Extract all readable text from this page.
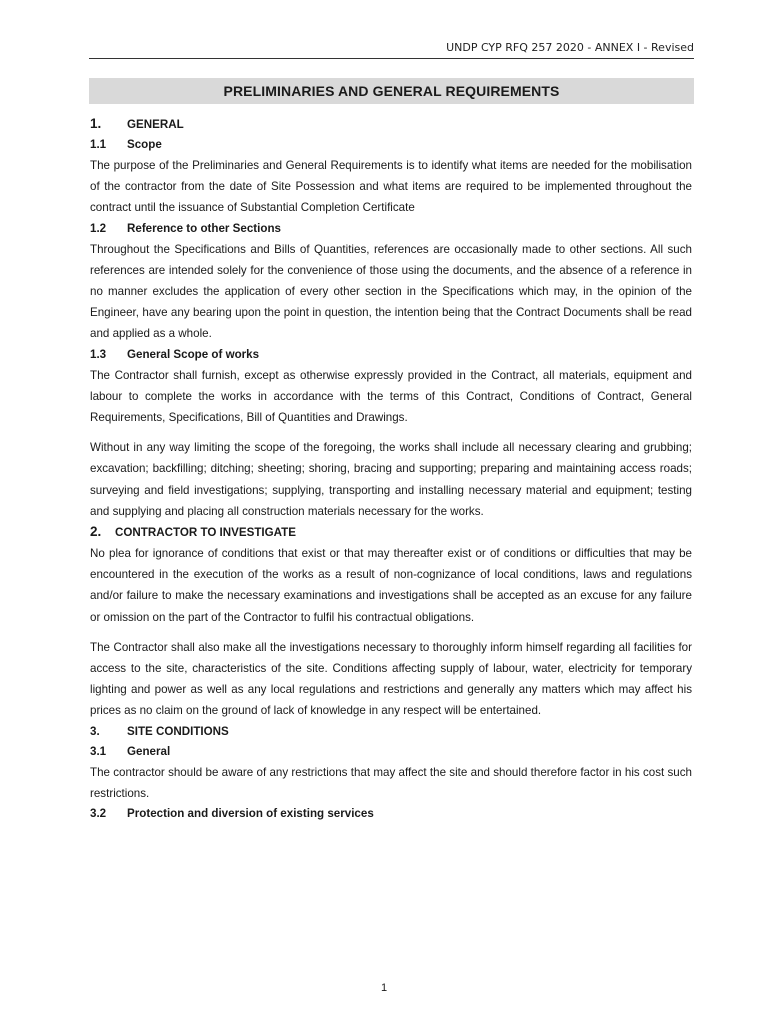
UNDP CYP RFQ 257 2020 - ANNEX I - Revised
PRELIMINARIES AND GENERAL REQUIREMENTS
1.	GENERAL
1.1	Scope

The purpose of the Preliminaries and General Requirements is to identify what items are needed for the mobilisation of the contractor from the date of Site Possession and what items are required to be implemented throughout the contract until the issuance of Substantial Completion Certificate

1.2	Reference to other Sections

Throughout the Specifications and Bills of Quantities, references are occasionally made to other sections. All such references are intended solely for the convenience of those using the documents, and the absence of a reference in no manner excludes the application of every other section in the Specifications which may, in the opinion of the Engineer, have any bearing upon the point in question, the intention being that the Contract Documents shall be read and applied as a whole.

1.3	General Scope of works

The Contractor shall furnish, except as otherwise expressly provided in the Contract, all materials, equipment and labour to complete the works in accordance with the terms of this Contract, Conditions of Contract, General Requirements, Specifications, Bill of Quantities and Drawings.

Without in any way limiting the scope of the foregoing, the works shall include all necessary clearing and grubbing; excavation; backfilling; ditching; sheeting; shoring, bracing and supporting; preparing and maintaining access roads; surveying and field investigations; supplying, transporting and installing necessary material and equipment; testing and supplying and placing all construction materials necessary for the works.

2.	CONTRACTOR TO INVESTIGATE

No plea for ignorance of conditions that exist or that may thereafter exist or of conditions or difficulties that may be encountered in the execution of the works as a result of non-cognizance of local conditions, laws and regulations and/or failure to make the necessary examinations and investigations shall be accepted as an excuse for any failure or omission on the part of the Contractor to fulfil his contractual obligations.

The Contractor shall also make all the investigations necessary to thoroughly inform himself regarding all facilities for access to the site, characteristics of the site. Conditions affecting supply of labour, water, electricity for temporary lighting and power as well as any local regulations and restrictions and generally any matters which may affect his prices as no claim on the ground of lack of knowledge in any respect will be entertained.

3.	SITE CONDITIONS
3.1	General

The contractor should be aware of any restrictions that may affect the site and should therefore factor in his cost such restrictions.

3.2	Protection and diversion of existing services
1
